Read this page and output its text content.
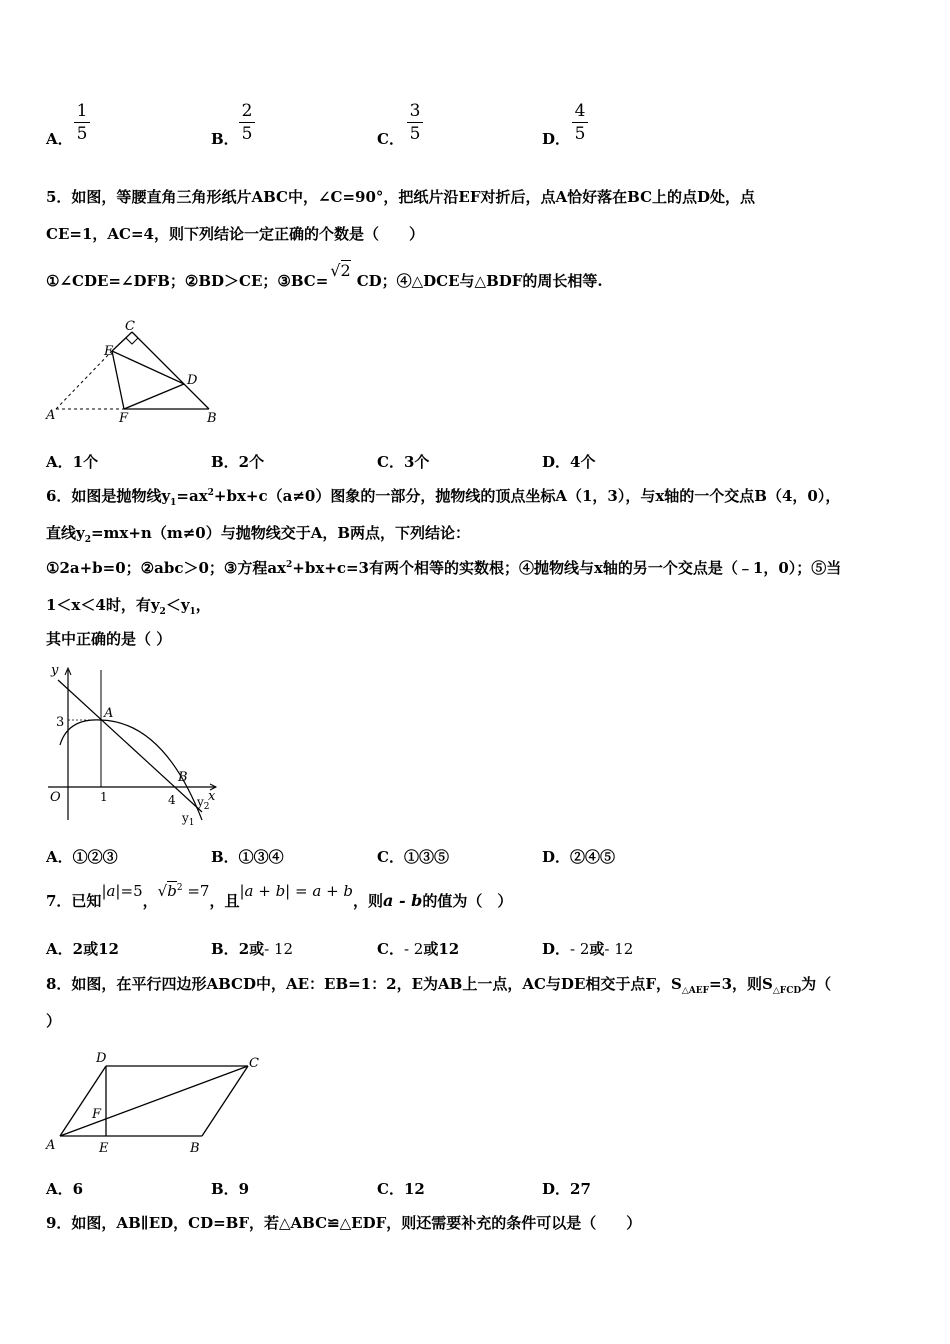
A．
1
5	B．
2
5	C．
3
5	D．
4
5
5．如图，等腰直角三角形纸片ABC中，∠C=90°，把纸片沿EF对折后，点A恰好落在BC上的点D处，点
CE=1，AC=4，则下列结论一定正确的个数是（　　）
①∠CDE=∠DFB；②BD＞CE；③BC=√2CD；④△DCE与△BDF的周长相等.
C
E
D
A	F	B
A．1个	B．2个	C．3个	D．4个
6．如图是抛物线$y_1=ax^2+bx+c(a\ne 0)$图象的一部分，抛物线的顶点坐标A（1，3），与x轴的一个交点B（4，0），
直线$y_2=mx+n(m\ne 0)$与抛物线交于A，B两点，下列结论：
①2a+b=0；②abc＞0；③方程$ax^2+bx+c=3$有两个相等的实数根；④抛物线与x轴的另一个交点是（﹣1，0）；⑤当
1＜x＜4时，有$y_2<y_1$，
其中正确的是（ ）
y
x
O
3
1	4
A
B
$y_2$
$y_1$
A．①②③	B．①③④	C．①③⑤	D．②④⑤
7．已知|a|=5，$√b^2 =7$，且|a + b| = a + b，则a - b的值为（　）
A．2或12	B．2或- 12	C．- 2或12	D．- 2或- 12
8．如图，在平行四边形ABCD中，AE：EB=1：2，E为AB上一点，AC与DE相交于点F，$S_{\triangle AEF}=3$，则$S_{\triangle FCD}$为（
）
D	C
F
A	E	B
A．6	B．9	C．12	D．27
9．如图，AB∥ED，CD=BF，若△ABC≌△EDF，则还需要补充的条件可以是（　　）
